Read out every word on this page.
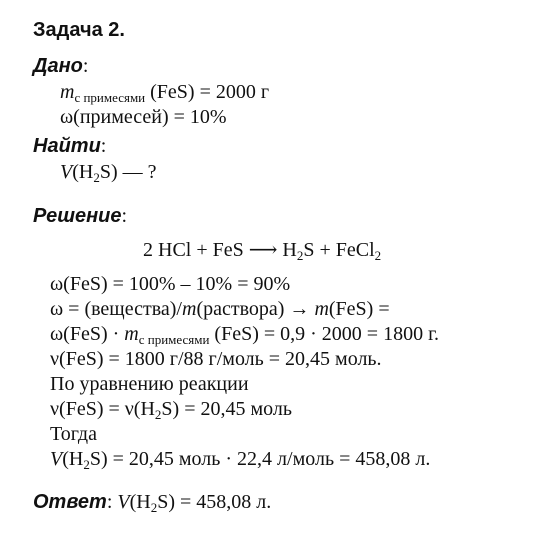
Задача 2.
Дано:
$m_{с примесями}$ (FeS) = 2000 г
ω(примесей) = 10%
Найти:
$V(H_2S)$ — ?
Решение:
2 HCl + FeS ⟶ $H_2S$ + FeCl$_2$
ω(FeS) = 100% – 10% = 90%
ω = (вещества)/m(раствора) → m(FeS) =
$\omega(FeS) \cdot m_{с примесями}$ (FeS) = 0,9 · 2000 = 1800 г.
ν(FeS) = 1800 г/88 г/моль = 20,45 моль.
По уравнению реакции
$\nu(FeS) = \nu(H_2S) = 20,45$ моль
Тогда
$V(H_2S) = 20,45$ моль · 22,4 л/моль = 458,08 л.
Ответ: $V(H_2S) = 458,08$ л.
